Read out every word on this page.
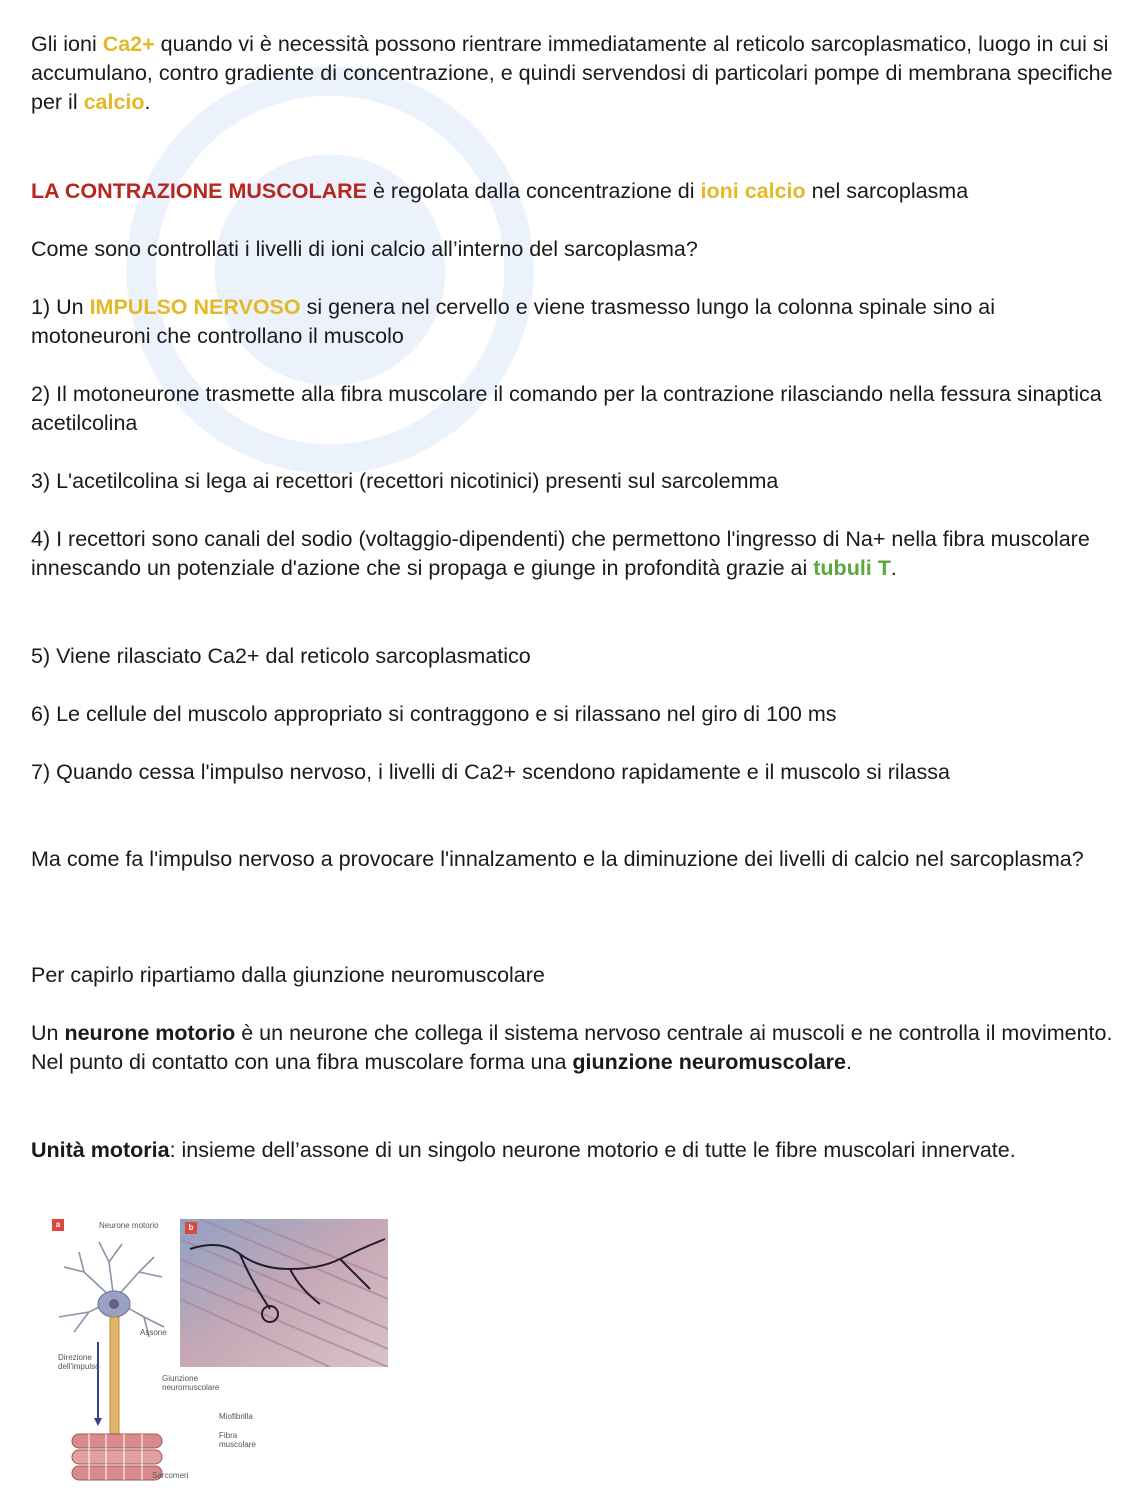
Gli ioni Ca2+ quando vi è necessità possono rientrare immediatamente al reticolo sarcoplasmatico, luogo in cui si accumulano, contro gradiente di concentrazione, e quindi servendosi di particolari pompe di membrana specifiche per il calcio.

LA CONTRAZIONE MUSCOLARE è regolata dalla concentrazione di ioni calcio nel sarcoplasma

Come sono controllati i livelli di ioni calcio all’interno del sarcoplasma?

1) Un IMPULSO NERVOSO si genera nel cervello e viene trasmesso lungo la colonna spinale sino ai motoneuroni che controllano il muscolo

2) Il motoneurone trasmette alla fibra muscolare il comando per la contrazione rilasciando nella fessura sinaptica acetilcolina

3) L'acetilcolina si lega ai recettori (recettori nicotinici) presenti sul sarcolemma

4) I recettori sono canali del sodio (voltaggio-dipendenti) che permettono l'ingresso di Na+ nella fibra muscolare innescando un potenziale d'azione che si propaga e giunge in profondità grazie ai tubuli T.

5) Viene rilasciato Ca2+ dal reticolo sarcoplasmatico

6) Le cellule del muscolo appropriato si contraggono e si rilassano nel giro di 100 ms

7) Quando cessa l'impulso nervoso, i livelli di Ca2+ scendono rapidamente e il muscolo si rilassa

Ma come fa l'impulso nervoso a provocare l'innalzamento e la diminuzione dei livelli di calcio nel sarcoplasma?

Per capirlo ripartiamo dalla giunzione neuromuscolare

Un neurone motorio è un neurone che collega il sistema nervoso centrale ai muscoli e ne controlla il movimento.
Nel punto di contatto con una fibra muscolare forma una giunzione neuromuscolare.

Unità motoria: insieme dell’assone di un singolo neurone motorio e di tutte le fibre muscolari innervate.

a	Neurone motorio
Assone
Direzione dell'impulso
Giunzione neuromuscolare
Miofibrilla
Fibra muscolare
Sarcomeri
b
